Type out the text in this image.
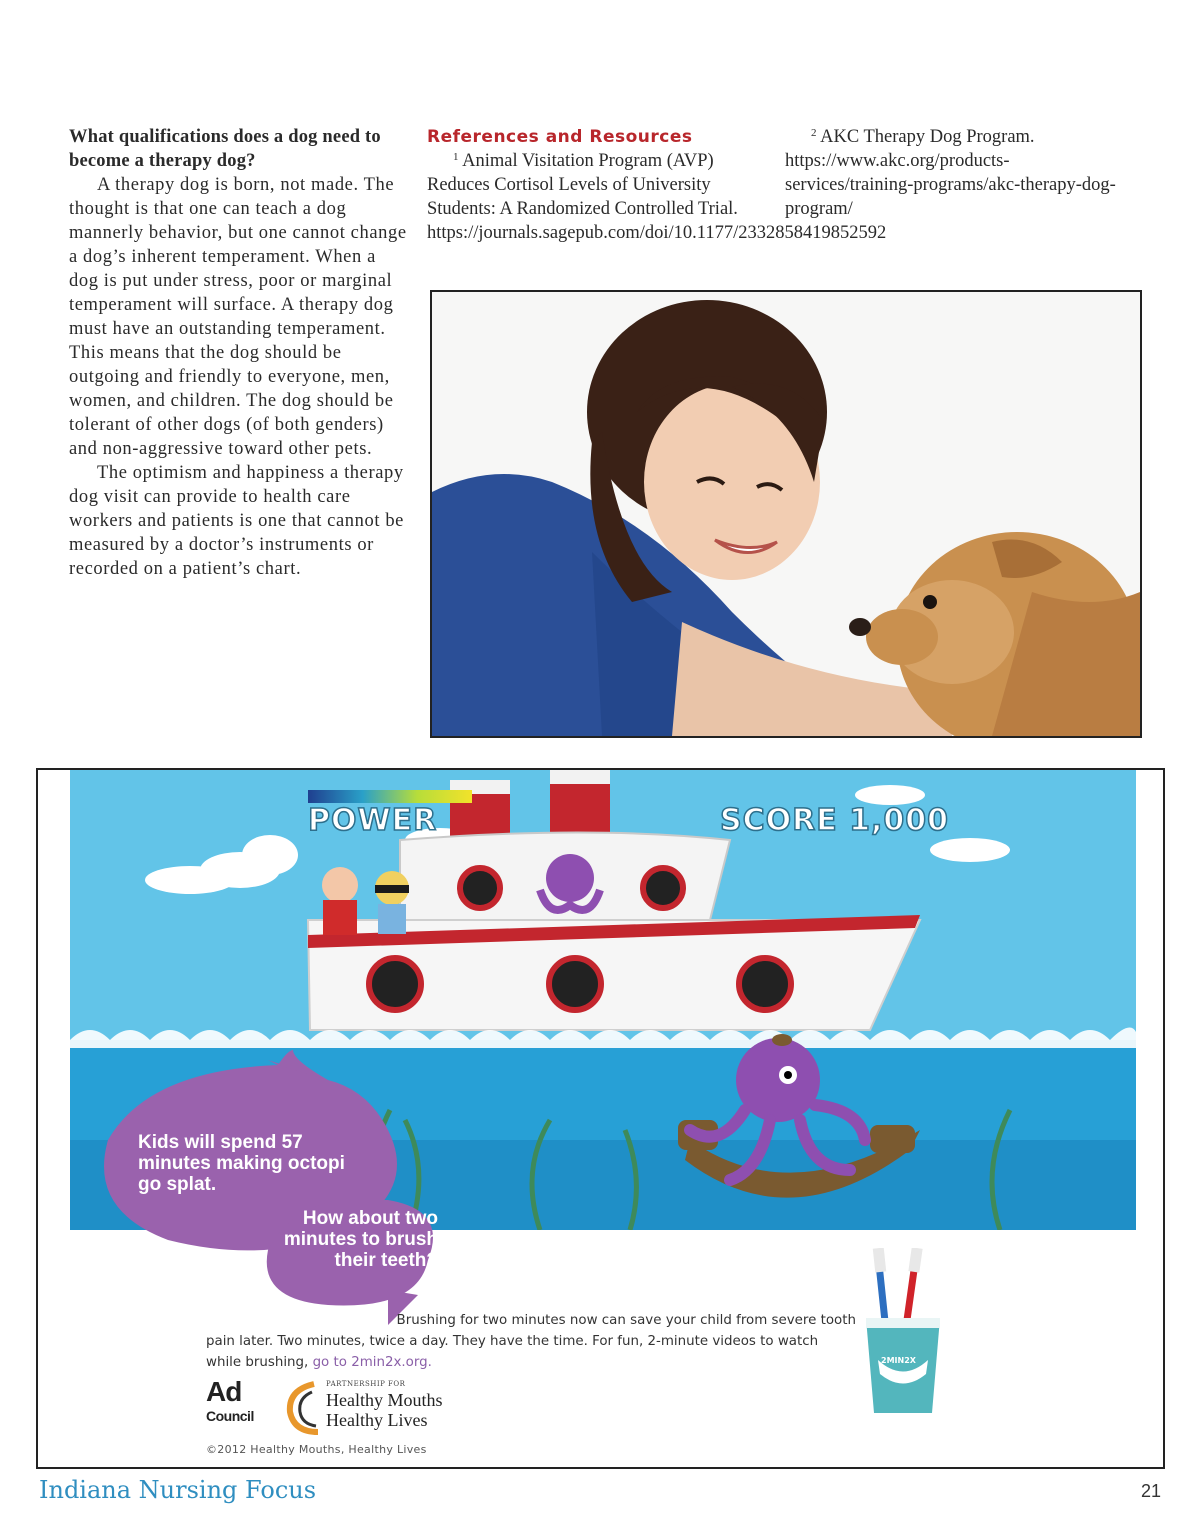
What qualifications does a dog need to become a therapy dog?

A therapy dog is born, not made. The thought is that one can teach a dog mannerly behavior, but one cannot change a dog’s inherent temperament. When a dog is put under stress, poor or marginal temperament will surface. A therapy dog must have an outstanding temperament. This means that the dog should be outgoing and friendly to everyone, men, women, and children. The dog should be tolerant of other dogs (of both genders) and non-aggressive toward other pets.

The optimism and happiness a therapy dog visit can provide to health care workers and patients is one that cannot be measured by a doctor’s instruments or recorded on a patient’s chart.

References and Resources

$^1$ Animal Visitation Program (AVP) Reduces Cortisol Levels of University Students: A Randomized Controlled Trial. https://journals.sagepub.com/doi/10.1177/2332858419852592

$^2$ AKC Therapy Dog Program. https://www.akc.org/products-services/training-programs/akc-therapy-dog-program/

POWER	SCORE 1,000
Kids will spend 57 minutes making octopi go splat.
How about two minutes to brush their teeth?
Brushing for two minutes now can save your child from severe tooth
pain later. Two minutes, twice a day. They have the time. For fun, 2-minute videos to watch while brushing, go to 2min2x.org.
Ad
Council
PARTNERSHIP FOR
Healthy Mouths
Healthy Lives
2MIN2X
©2012 Healthy Mouths, Healthy Lives
Indiana Nursing Focus	21
